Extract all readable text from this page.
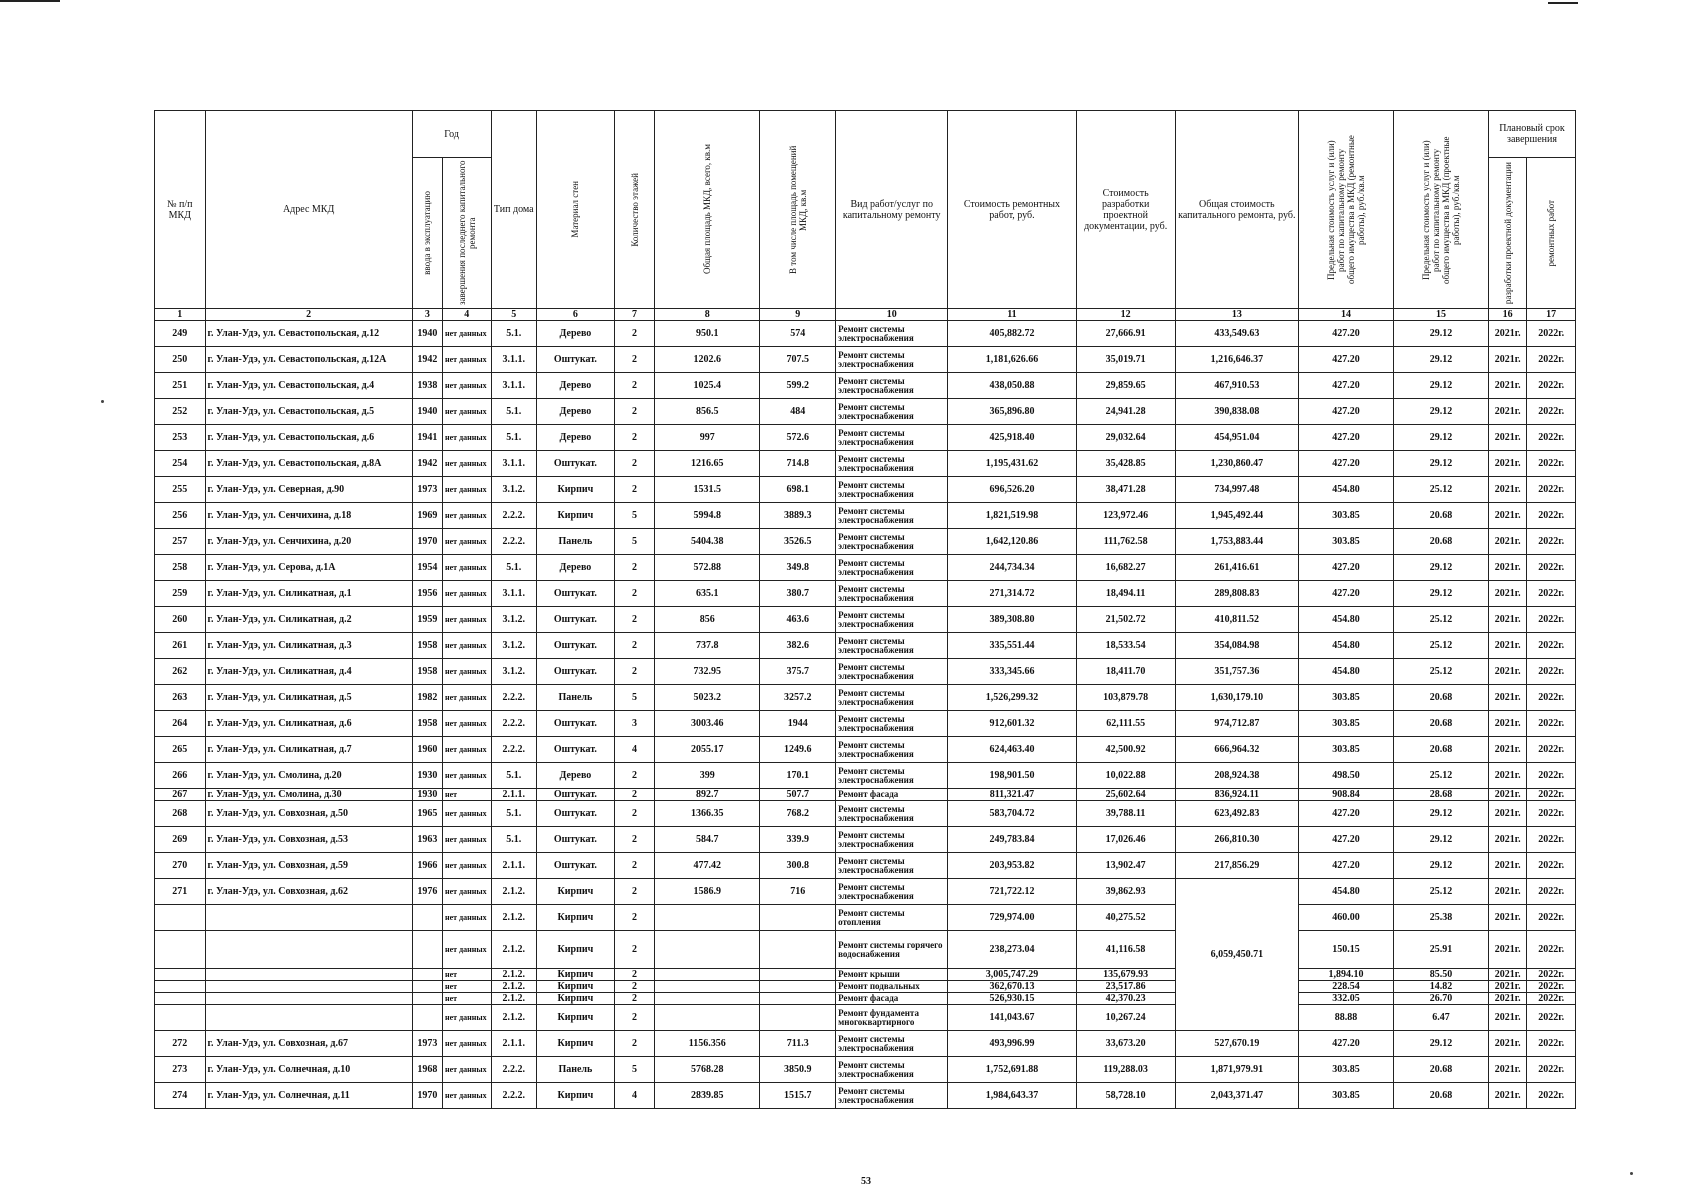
№ п/п МКД	Адрес МКД	Год		Тип дома	Материал стен	Количество этажей	Общая площадь МКД, всего, кв.м	В том числе площадь помещений МКД, кв.м	Вид работ/услуг по капитальному ремонту	Стоимость ремонтных работ, руб.	Стоимость разработки проектной документации, руб.	Общая стоимость капитального ремонта, руб.	Предельная стоимость услуг и (или) работ по капитальному ремонту общего имущества в МКД (ремонтные работы), руб./кв.м	Предельная стоимость услуг и (или) работ по капитальному ремонту общего имущества в МКД (проектные работы), руб./кв.м	Плановый срок завершения	

		ввода в эксплуатацию	завершения последнего капитального ремонта												разработки проектной документации	ремонтных работ

1	2	3	4	5	6	7	8	9	10	11	12	13	14	15	16	17
249	г. Улан-Удэ, ул. Севастопольская, д.12	1940	нет данных	5.1.	Дерево	2	950.1	574	Ремонт системы электроснабжения	405,882.72	27,666.91	433,549.63	427.20	29.12	2021г.	2022г.
250	г. Улан-Удэ, ул. Севастопольская, д.12А	1942	нет данных	3.1.1.	Оштукат.	2	1202.6	707.5	Ремонт системы электроснабжения	1,181,626.66	35,019.71	1,216,646.37	427.20	29.12	2021г.	2022г.
251	г. Улан-Удэ, ул. Севастопольская, д.4	1938	нет данных	3.1.1.	Дерево	2	1025.4	599.2	Ремонт системы электроснабжения	438,050.88	29,859.65	467,910.53	427.20	29.12	2021г.	2022г.
252	г. Улан-Удэ, ул. Севастопольская, д.5	1940	нет данных	5.1.	Дерево	2	856.5	484	Ремонт системы электроснабжения	365,896.80	24,941.28	390,838.08	427.20	29.12	2021г.	2022г.
253	г. Улан-Удэ, ул. Севастопольская, д.6	1941	нет данных	5.1.	Дерево	2	997	572.6	Ремонт системы электроснабжения	425,918.40	29,032.64	454,951.04	427.20	29.12	2021г.	2022г.
254	г. Улан-Удэ, ул. Севастопольская, д.8А	1942	нет данных	3.1.1.	Оштукат.	2	1216.65	714.8	Ремонт системы электроснабжения	1,195,431.62	35,428.85	1,230,860.47	427.20	29.12	2021г.	2022г.
255	г. Улан-Удэ, ул. Северная, д.90	1973	нет данных	3.1.2.	Кирпич	2	1531.5	698.1	Ремонт системы электроснабжения	696,526.20	38,471.28	734,997.48	454.80	25.12	2021г.	2022г.
256	г. Улан-Удэ, ул. Сенчихина, д.18	1969	нет данных	2.2.2.	Кирпич	5	5994.8	3889.3	Ремонт системы электроснабжения	1,821,519.98	123,972.46	1,945,492.44	303.85	20.68	2021г.	2022г.
257	г. Улан-Удэ, ул. Сенчихина, д.20	1970	нет данных	2.2.2.	Панель	5	5404.38	3526.5	Ремонт системы электроснабжения	1,642,120.86	111,762.58	1,753,883.44	303.85	20.68	2021г.	2022г.
258	г. Улан-Удэ, ул. Серова, д.1А	1954	нет данных	5.1.	Дерево	2	572.88	349.8	Ремонт системы электроснабжения	244,734.34	16,682.27	261,416.61	427.20	29.12	2021г.	2022г.
259	г. Улан-Удэ, ул. Силикатная, д.1	1956	нет данных	3.1.1.	Оштукат.	2	635.1	380.7	Ремонт системы электроснабжения	271,314.72	18,494.11	289,808.83	427.20	29.12	2021г.	2022г.
260	г. Улан-Удэ, ул. Силикатная, д.2	1959	нет данных	3.1.2.	Оштукат.	2	856	463.6	Ремонт системы электроснабжения	389,308.80	21,502.72	410,811.52	454.80	25.12	2021г.	2022г.
261	г. Улан-Удэ, ул. Силикатная, д.3	1958	нет данных	3.1.2.	Оштукат.	2	737.8	382.6	Ремонт системы электроснабжения	335,551.44	18,533.54	354,084.98	454.80	25.12	2021г.	2022г.
262	г. Улан-Удэ, ул. Силикатная, д.4	1958	нет данных	3.1.2.	Оштукат.	2	732.95	375.7	Ремонт системы электроснабжения	333,345.66	18,411.70	351,757.36	454.80	25.12	2021г.	2022г.
263	г. Улан-Удэ, ул. Силикатная, д.5	1982	нет данных	2.2.2.	Панель	5	5023.2	3257.2	Ремонт системы электроснабжения	1,526,299.32	103,879.78	1,630,179.10	303.85	20.68	2021г.	2022г.
264	г. Улан-Удэ, ул. Силикатная, д.6	1958	нет данных	2.2.2.	Оштукат.	3	3003.46	1944	Ремонт системы электроснабжения	912,601.32	62,111.55	974,712.87	303.85	20.68	2021г.	2022г.
265	г. Улан-Удэ, ул. Силикатная, д.7	1960	нет данных	2.2.2.	Оштукат.	4	2055.17	1249.6	Ремонт системы электроснабжения	624,463.40	42,500.92	666,964.32	303.85	20.68	2021г.	2022г.
266	г. Улан-Удэ, ул. Смолина, д.20	1930	нет данных	5.1.	Дерево	2	399	170.1	Ремонт системы электроснабжения	198,901.50	10,022.88	208,924.38	498.50	25.12	2021г.	2022г.
267	г. Улан-Удэ, ул. Смолина, д.30	1930	нет	2.1.1.	Оштукат.	2	892.7	507.7	Ремонт фасада	811,321.47	25,602.64	836,924.11	908.84	28.68	2021г.	2022г.
268	г. Улан-Удэ, ул. Совхозная, д.50	1965	нет данных	5.1.	Оштукат.	2	1366.35	768.2	Ремонт системы электроснабжения	583,704.72	39,788.11	623,492.83	427.20	29.12	2021г.	2022г.
269	г. Улан-Удэ, ул. Совхозная, д.53	1963	нет данных	5.1.	Оштукат.	2	584.7	339.9	Ремонт системы электроснабжения	249,783.84	17,026.46	266,810.30	427.20	29.12	2021г.	2022г.
270	г. Улан-Удэ, ул. Совхозная, д.59	1966	нет данных	2.1.1.	Оштукат.	2	477.42	300.8	Ремонт системы электроснабжения	203,953.82	13,902.47	217,856.29	427.20	29.12	2021г.	2022г.
271	г. Улан-Удэ, ул. Совхозная, д.62	1976	нет данных	2.1.2.	Кирпич	2	1586.9	716	Ремонт системы электроснабжения	721,722.12	39,862.93	6,059,450.71	454.80	25.12	2021г.	2022г.
			нет данных	2.1.2.	Кирпич	2			Ремонт системы отопления	729,974.00	40,275.52		460.00	25.38	2021г.	2022г.
			нет данных	2.1.2.	Кирпич	2			Ремонт системы горячего водоснабжения	238,273.04	41,116.58		150.15	25.91	2021г.	2022г.
			нет	2.1.2.	Кирпич	2			Ремонт крыши	3,005,747.29	135,679.93		1,894.10	85.50	2021г.	2022г.
			нет	2.1.2.	Кирпич	2			Ремонт подвальных	362,670.13	23,517.86		228.54	14.82	2021г.	2022г.
			нет	2.1.2.	Кирпич	2			Ремонт фасада	526,930.15	42,370.23		332.05	26.70	2021г.	2022г.
			нет данных	2.1.2.	Кирпич	2			Ремонт фундамента многоквартирного	141,043.67	10,267.24		88.88	6.47	2021г.	2022г.
272	г. Улан-Удэ, ул. Совхозная, д.67	1973	нет данных	2.1.1.	Кирпич	2	1156.356	711.3	Ремонт системы электроснабжения	493,996.99	33,673.20	527,670.19	427.20	29.12	2021г.	2022г.
273	г. Улан-Удэ, ул. Солнечная, д.10	1968	нет данных	2.2.2.	Панель	5	5768.28	3850.9	Ремонт системы электроснабжения	1,752,691.88	119,288.03	1,871,979.91	303.85	20.68	2021г.	2022г.
274	г. Улан-Удэ, ул. Солнечная, д.11	1970	нет данных	2.2.2.	Кирпич	4	2839.85	1515.7	Ремонт системы электроснабжения	1,984,643.37	58,728.10	2,043,371.47	303.85	20.68	2021г.	2022г.
53
